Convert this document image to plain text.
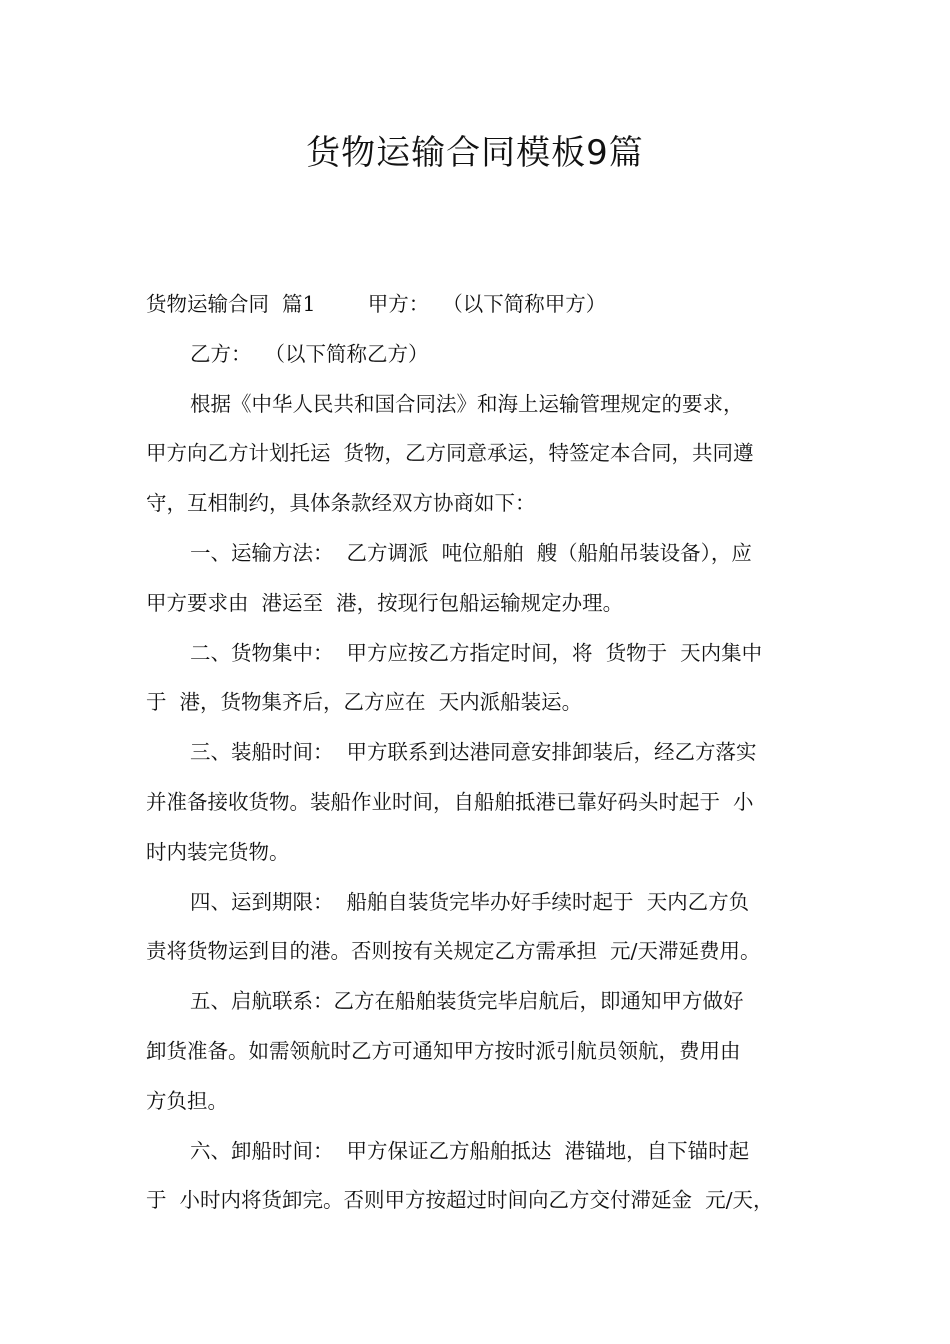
货物运输合同模板9篇
货物运输合同  篇1        甲方：  （以下简称甲方）
乙方：  （以下简称乙方）
根据《中华人民共和国合同法》和海上运输管理规定的要求，
甲方向乙方计划托运  货物，乙方同意承运，特签定本合同，共同遵
守，互相制约，具体条款经双方协商如下：
一、运输方法：  乙方调派  吨位船舶  艘（船舶吊装设备），应
甲方要求由  港运至  港，按现行包船运输规定办理。
二、货物集中：  甲方应按乙方指定时间，将  货物于  天内集中
于  港，货物集齐后，乙方应在  天内派船装运。
三、装船时间：  甲方联系到达港同意安排卸装后，经乙方落实
并准备接收货物。装船作业时间，自船舶抵港已靠好码头时起于  小
时内装完货物。
四、运到期限：  船舶自装货完毕办好手续时起于  天内乙方负
责将货物运到目的港。否则按有关规定乙方需承担  元/天滞延费用。
五、启航联系：乙方在船舶装货完毕启航后，即通知甲方做好
卸货准备。如需领航时乙方可通知甲方按时派引航员领航，费用由
方负担。
六、卸船时间：  甲方保证乙方船舶抵达  港锚地，自下锚时起
于  小时内将货卸完。否则甲方按超过时间向乙方交付滞延金  元/天，
